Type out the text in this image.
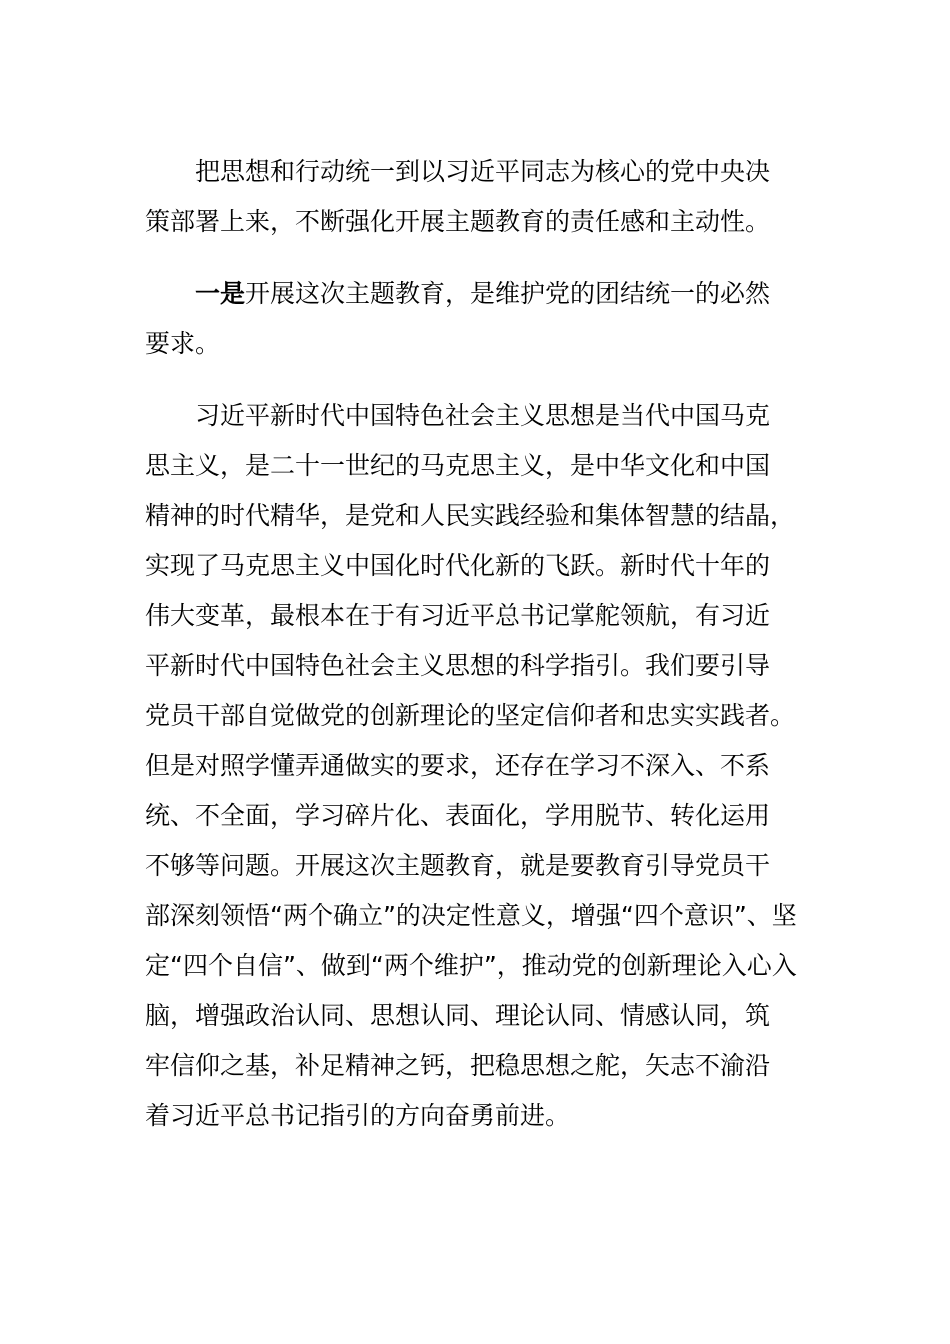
把思想和行动统一到以习近平同志为核心的党中央决
策部署上来，不断强化开展主题教育的责任感和主动性。

一是开展这次主题教育，是维护党的团结统一的必然
要求。

习近平新时代中国特色社会主义思想是当代中国马克
思主义，是二十一世纪的马克思主义，是中华文化和中国
精神的时代精华，是党和人民实践经验和集体智慧的结晶，
实现了马克思主义中国化时代化新的飞跃。新时代十年的
伟大变革，最根本在于有习近平总书记掌舵领航，有习近
平新时代中国特色社会主义思想的科学指引。我们要引导
党员干部自觉做党的创新理论的坚定信仰者和忠实实践者。
但是对照学懂弄通做实的要求，还存在学习不深入、不系
统、不全面，学习碎片化、表面化，学用脱节、转化运用
不够等问题。开展这次主题教育，就是要教育引导党员干
部深刻领悟“两个确立”的决定性意义，增强“四个意识”、坚
定“四个自信”、做到“两个维护”，推动党的创新理论入心入
脑，增强政治认同、思想认同、理论认同、情感认同，筑
牢信仰之基，补足精神之钙，把稳思想之舵，矢志不渝沿
着习近平总书记指引的方向奋勇前进。
